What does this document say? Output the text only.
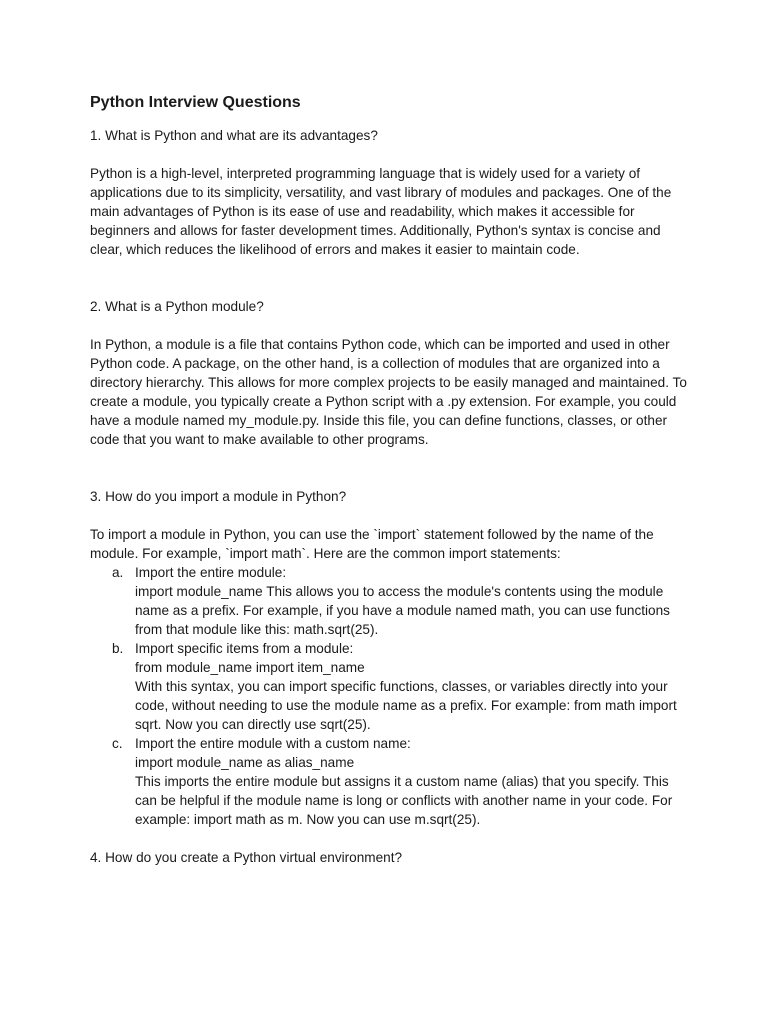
Python Interview Questions

1. What is Python and what are its advantages?

Python is a high-level, interpreted programming language that is widely used for a variety of applications due to its simplicity, versatility, and vast library of modules and packages. One of the main advantages of Python is its ease of use and readability, which makes it accessible for beginners and allows for faster development times. Additionally, Python's syntax is concise and clear, which reduces the likelihood of errors and makes it easier to maintain code.

2. What is a Python module?

In Python, a module is a file that contains Python code, which can be imported and used in other Python code. A package, on the other hand, is a collection of modules that are organized into a directory hierarchy. This allows for more complex projects to be easily managed and maintained. To create a module, you typically create a Python script with a .py extension. For example, you could have a module named my_module.py. Inside this file, you can define functions, classes, or other code that you want to make available to other programs.

3. How do you import a module in Python?

To import a module in Python, you can use the `import` statement followed by the name of the module. For example, `import math`. Here are the common import statements:

a. Import the entire module:
import module_name This allows you to access the module's contents using the module name as a prefix. For example, if you have a module named math, you can use functions from that module like this: math.sqrt(25).
b. Import specific items from a module:
from module_name import item_name
With this syntax, you can import specific functions, classes, or variables directly into your code, without needing to use the module name as a prefix. For example: from math import sqrt. Now you can directly use sqrt(25).
c. Import the entire module with a custom name:
import module_name as alias_name
This imports the entire module but assigns it a custom name (alias) that you specify. This can be helpful if the module name is long or conflicts with another name in your code. For example: import math as m. Now you can use m.sqrt(25).

4. How do you create a Python virtual environment?
